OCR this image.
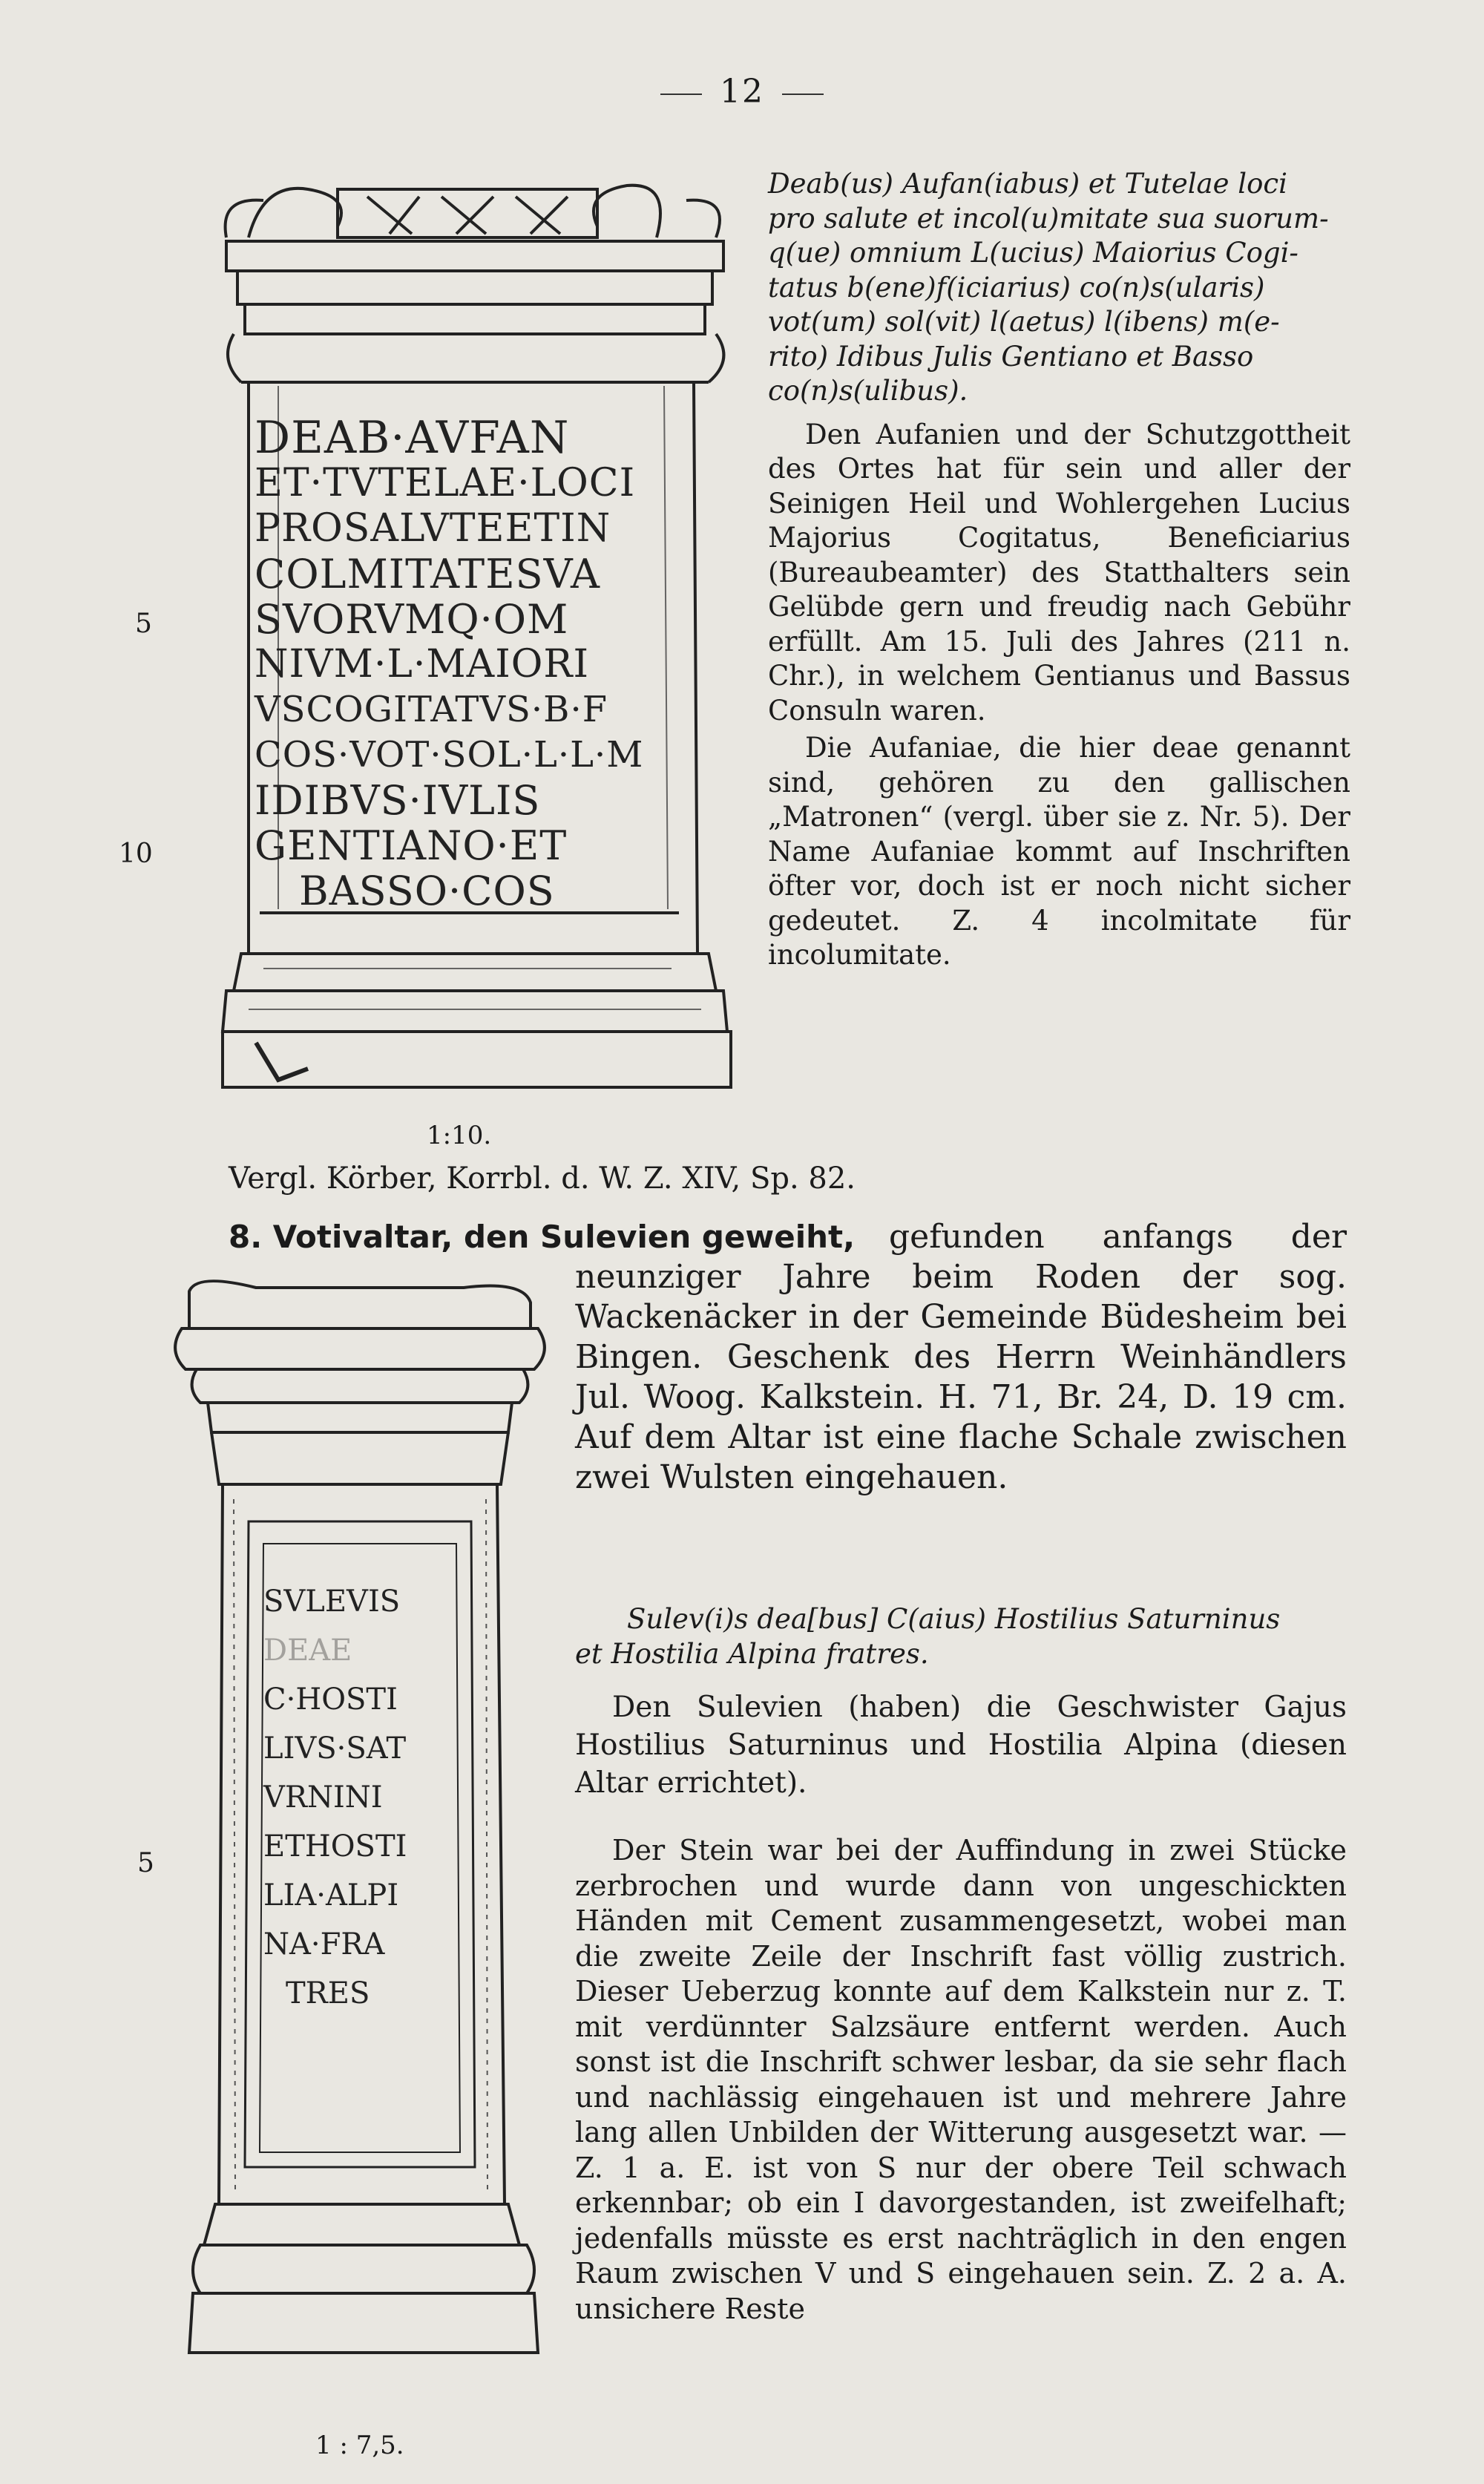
12
DEAB·AVFAN
ET·TVTELAE·LOCI
PROSALVTEETIN
COLMITATESVA
SVORVMQ·OM
NIVM·L·MAIORI
VSCOGITATVS·B·F
COS·VOT·SOL·L·L·M
IDIBVS·IVLIS
GENTIANO·ET
BASSO·COS
5
10
1:10.
Deab(us) Aufan(iabus) et Tutelae loci
pro salute et incol(u)mitate sua suorum-
q(ue) omnium L(ucius) Maiorius Cogi-
tatus b(ene)f(iciarius) co(n)s(ularis)
vot(um) sol(vit) l(aetus) l(ibens) m(e-
rito) Idibus Julis Gentiano et Basso
co(n)s(ulibus).

Den Aufanien und der Schutzgottheit des Ortes hat für sein und aller der Seinigen Heil und Wohlergehen Lucius Majorius Cogitatus, Beneficiarius (Bureaubeamter) des Statthalters sein Gelübde gern und freudig nach Gebühr erfüllt. Am 15. Juli des Jahres (211 n. Chr.), in welchem Gentianus und Bassus Consuln waren.

Die Aufaniae, die hier deae genannt sind, gehören zu den gallischen „Matronen“ (vergl. über sie z. Nr. 5). Der Name Aufaniae kommt auf Inschriften öfter vor, doch ist er noch nicht sicher gedeutet. Z. 4 incolmitate für incolumitate.

Vergl. Körber, Korrbl. d. W. Z. XIV, Sp. 82.
8. Votivaltar, den Sulevien geweiht,	gefunden anfangs der neunziger Jahre beim Roden der sog. Wackenäcker in der Gemeinde Büdesheim bei Bingen. Geschenk des Herrn Weinhändlers Jul. Woog. Kalkstein. H. 71, Br. 24, D. 19 cm. Auf dem Altar ist eine flache Schale zwischen zwei Wulsten eingehauen.
SVLEVIS
DEAE
C·HOSTI
LIVS·SAT
VRNINI
ETHOSTI
LIA·ALPI
NA·FRA
TRES
5
1 : 7,5.
Sulev(i)s dea[bus] C(aius) Hostilius Saturninus
et Hostilia Alpina fratres.

Den Sulevien (haben) die Geschwister Gajus Hostilius Saturninus und Hostilia Alpina (diesen Altar errichtet).

Der Stein war bei der Auffindung in zwei Stücke zerbrochen und wurde dann von ungeschickten Händen mit Cement zusammengesetzt, wobei man die zweite Zeile der Inschrift fast völlig zustrich. Dieser Ueberzug konnte auf dem Kalkstein nur z. T. mit verdünnter Salzsäure entfernt werden. Auch sonst ist die Inschrift schwer lesbar, da sie sehr flach und nachlässig eingehauen ist und mehrere Jahre lang allen Unbilden der Witterung ausgesetzt war. — Z. 1 a. E. ist von S nur der obere Teil schwach erkennbar; ob ein I davorgestanden, ist zweifelhaft; jedenfalls müsste es erst nachträglich in den engen Raum zwischen V und S eingehauen sein. Z. 2 a. A. unsichere Reste
